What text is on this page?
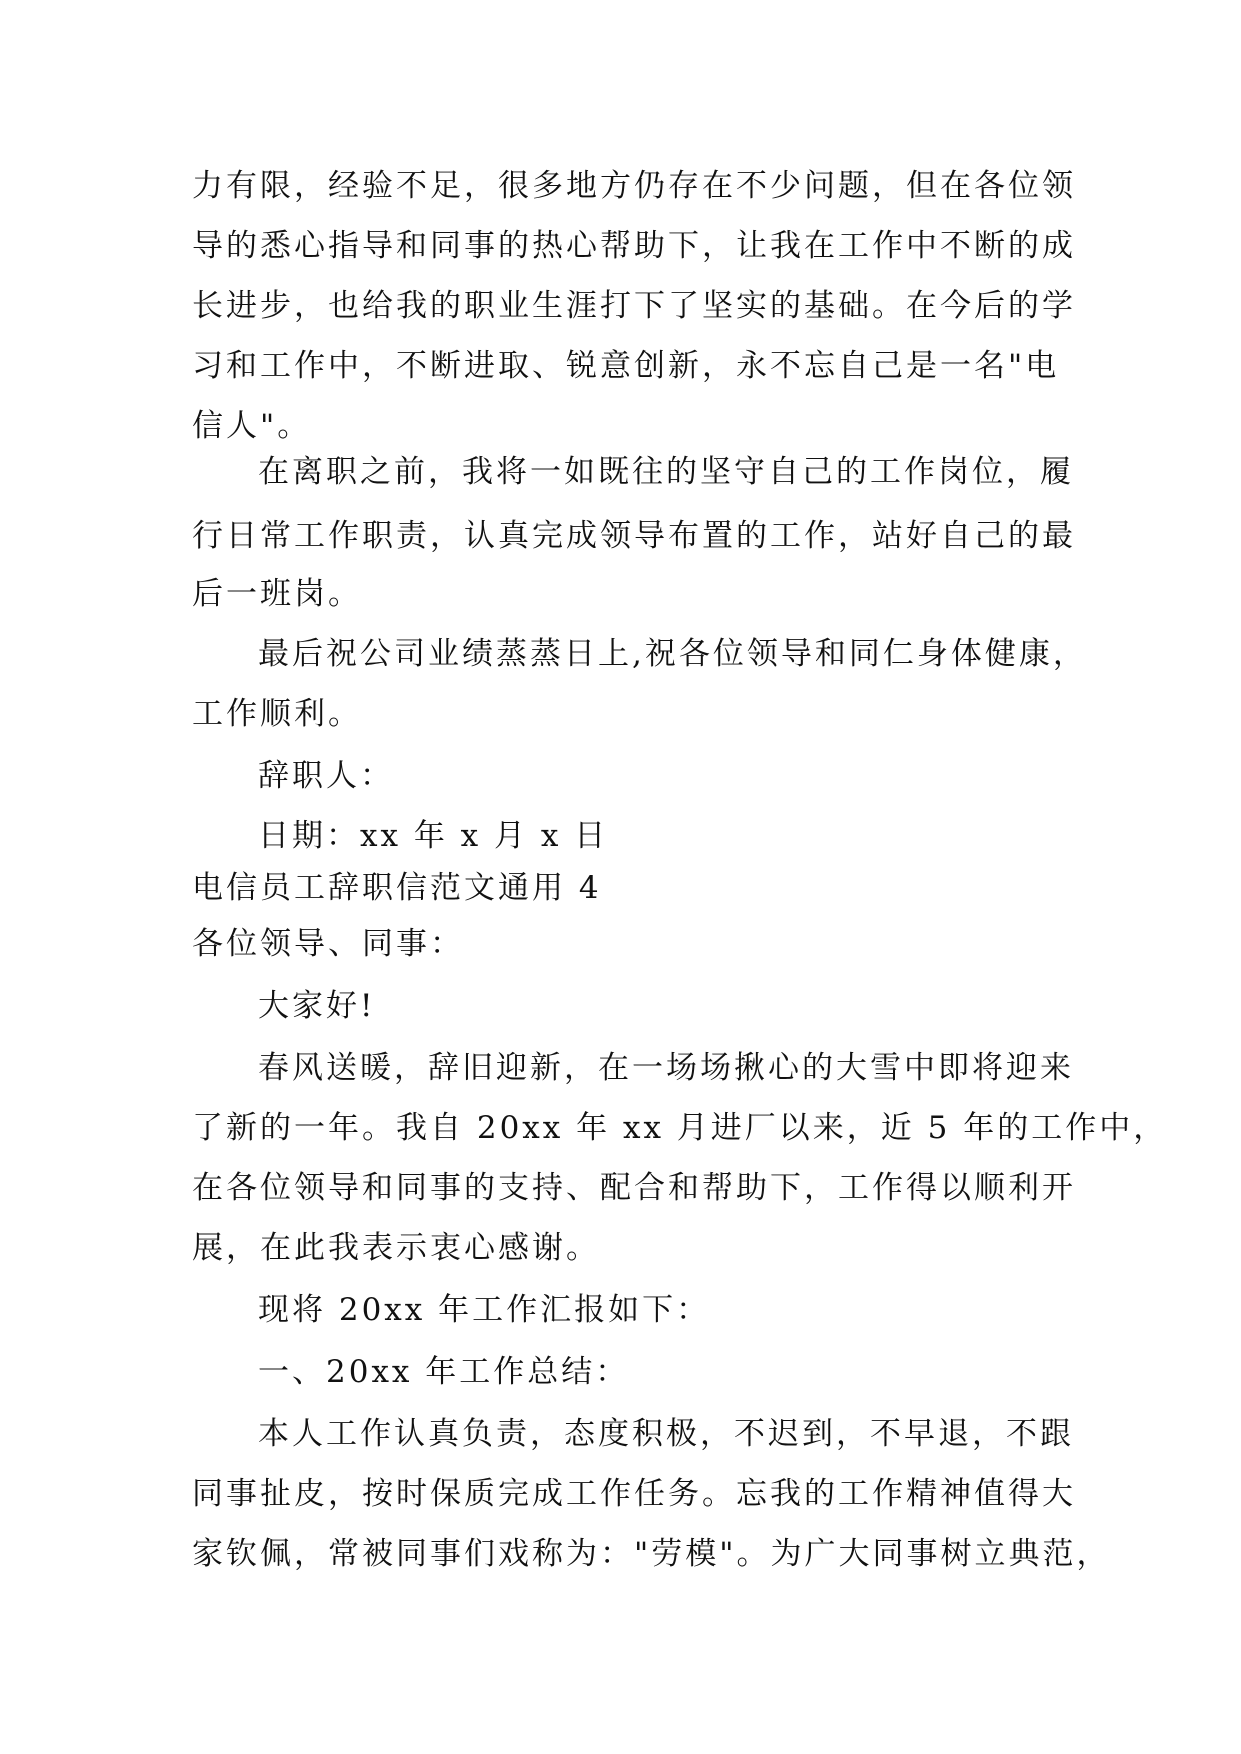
力有限，经验不足，很多地方仍存在不少问题，但在各位领
导的悉心指导和同事的热心帮助下，让我在工作中不断的成
长进步，也给我的职业生涯打下了坚实的基础。在今后的学
习和工作中，不断进取、锐意创新，永不忘自己是一名"电
信人"。
在离职之前，我将一如既往的坚守自己的工作岗位，履
行日常工作职责，认真完成领导布置的工作，站好自己的最
后一班岗。
最后祝公司业绩蒸蒸日上,祝各位领导和同仁身体健康，
工作顺利。
辞职人：
日期：xx 年 x 月 x 日
电信员工辞职信范文通用 4
各位领导、同事：
大家好!
春风送暖，辞旧迎新，在一场场揪心的大雪中即将迎来
了新的一年。我自 20xx 年 xx 月进厂以来，近 5 年的工作中，
在各位领导和同事的支持、配合和帮助下，工作得以顺利开
展，在此我表示衷心感谢。
现将 20xx 年工作汇报如下：
一、20xx 年工作总结：
本人工作认真负责，态度积极，不迟到，不早退，不跟
同事扯皮，按时保质完成工作任务。忘我的工作精神值得大
家钦佩，常被同事们戏称为："劳模"。为广大同事树立典范，
